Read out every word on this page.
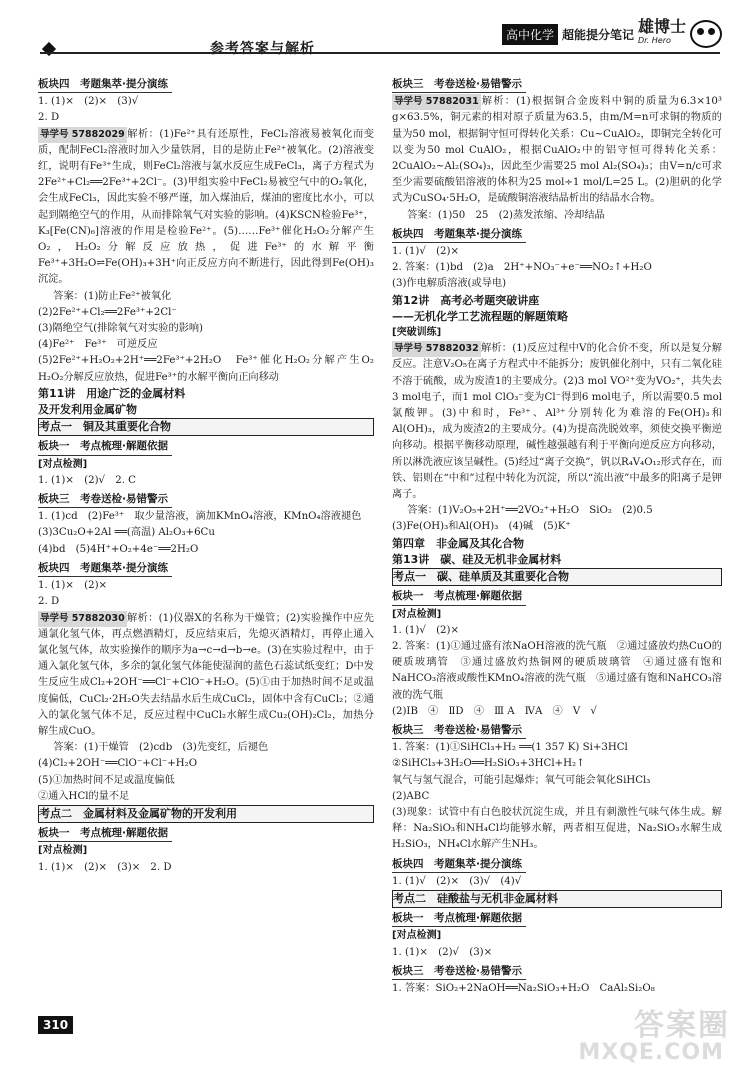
参考答案与解析
高中化学 超能提分笔记 雄博士
Dr. Hero
板块四　考题集萃·提分演练

1. (1)×　(2)×　(3)√

2. D

导学号 57882029 解析：(1)Fe²⁺具有还原性，FeCl₂溶液易被氧化而变质，配制FeCl₂溶液时加入少量铁屑，目的是防止Fe²⁺被氧化。(2)溶液变红，说明有Fe³⁺生成，则FeCl₂溶液与氯水反应生成FeCl₃，离子方程式为2Fe²⁺+Cl₂══2Fe³⁺+2Cl⁻。(3)甲组实验中FeCl₂易被空气中的O₂氧化，会生成FeCl₃，因此实验不够严谨，加入煤油后，煤油的密度比水小，可以起到隔绝空气的作用，从而排除氧气对实验的影响。(4)KSCN检验Fe³⁺，K₃[Fe(CN)₆]溶液的作用是检验Fe²⁺。(5)……Fe³⁺催化H₂O₂分解产生O₂，H₂O₂分解反应放热，促进Fe³⁺的水解平衡Fe³⁺+3H₂O⇌Fe(OH)₃+3H⁺向正反应方向不断进行，因此得到Fe(OH)₃沉淀。

答案：(1)防止Fe²⁺被氧化

(2)2Fe²⁺+Cl₂══2Fe³⁺+2Cl⁻

(3)隔绝空气(排除氧气对实验的影响)

(4)Fe²⁺　Fe³⁺　可逆反应

(5)2Fe²⁺+H₂O₂+2H⁺══2Fe³⁺+2H₂O　Fe³⁺催化H₂O₂分解产生O₂　H₂O₂分解反应放热，促进Fe³⁺的水解平衡向正向移动

第11讲　用途广泛的金属材料

及开发利用金属矿物

考点一　铜及其重要化合物

板块一　考点梳理·解题依据

[对点检测]

1. (1)×　(2)√　2. C

板块三　考卷送检·易错警示

1. (1)cd　(2)Fe³⁺　取少量溶液，滴加KMnO₄溶液，KMnO₄溶液褪色

(3)3Cu₂O+2Al ══(高温) Al₂O₃+6Cu

(4)bd　(5)4H⁺+O₂+4e⁻══2H₂O

板块四　考题集萃·提分演练

1. (1)×　(2)×

2. D

导学号 57882030 解析：(1)仪器X的名称为干燥管；(2)实验操作中应先通氯化氢气体，再点燃酒精灯，反应结束后，先熄灭酒精灯，再停止通入氯化氢气体，故实验操作的顺序为a→c→d→b→e。(3)在实验过程中，由于通入氯化氢气体，多余的氯化氢气体能使湿润的蓝色石蕊试纸变红；D中发生反应生成Cl₂+2OH⁻══Cl⁻+ClO⁻+H₂O。(5)①由于加热时间不足或温度偏低，CuCl₂·2H₂O失去结晶水后生成CuCl₂，固体中含有CuCl₂；②通入的氯化氢气体不足，反应过程中CuCl₂水解生成Cu₂(OH)₂Cl₂，加热分解生成CuO。

答案：(1)干燥管　(2)cdb　(3)先变红，后褪色

(4)Cl₂+2OH⁻══ClO⁻+Cl⁻+H₂O

(5)①加热时间不足或温度偏低

②通入HCl的量不足

考点二　金属材料及金属矿物的开发利用

板块一　考点梳理·解题依据

[对点检测]

1. (1)×　(2)×　(3)×　2. D

板块三　考卷送检·易错警示

导学号 57882031 解析：(1)根据铜合金废料中铜的质量为6.3×10³ g×63.5%，铜元素的相对原子质量为63.5，由m/M=n可求铜的物质的量为50 mol，根据铜守恒可得转化关系：Cu~CuAlO₂，即铜完全转化可以变为50 mol CuAlO₂，根据CuAlO₂中的铝守恒可得转化关系：2CuAlO₂~Al₂(SO₄)₃，因此至少需要25 mol Al₂(SO₄)₃；由V=n/c可求至少需要硫酸铝溶液的体积为25 mol÷1 mol/L=25 L。(2)胆矾的化学式为CuSO₄·5H₂O，是硫酸铜溶液结晶析出的结晶水合物。

答案：(1)50　25　(2)蒸发浓缩、冷却结晶

板块四　考题集萃·提分演练

1. (1)√　(2)×

2. 答案：(1)bd　(2)a　2H⁺+NO₃⁻+e⁻══NO₂↑+H₂O

(3)作电解质溶液(或导电)

第12讲　高考必考题突破讲座

——无机化学工艺流程题的解题策略

[突破训练]

导学号 57882032 解析：(1)反应过程中V的化合价不变，所以是复分解反应。注意V₂O₅在离子方程式中不能拆分；废钒催化剂中，只有二氧化硅不溶于硫酸，成为废渣1的主要成分。(2)3 mol VO²⁺变为VO₂⁺，共失去3 mol电子，而1 mol ClO₃⁻变为Cl⁻得到6 mol电子，所以需要0.5 mol氯酸钾。(3)中和时，Fe³⁺、Al³⁺分别转化为难溶的Fe(OH)₃和Al(OH)₃，成为废渣2的主要成分。(4)为提高洗脱效率，须使交换平衡逆向移动。根据平衡移动原理，碱性越强越有利于平衡向逆反应方向移动，所以淋洗液应该呈碱性。(5)经过“离子交换”，钒以R₄V₄O₁₂形式存在，而铁、铝则在“中和”过程中转化为沉淀，所以“流出液”中最多的阳离子是钾离子。

答案：(1)V₂O₅+2H⁺══2VO₂⁺+H₂O　SiO₂　(2)0.5

(3)Fe(OH)₃和Al(OH)₃　(4)碱　(5)K⁺

第四章　非金属及其化合物

第13讲　碳、硅及无机非金属材料

考点一　碳、硅单质及其重要化合物

板块一　考点梳理·解题依据

[对点检测]

1. (1)√　(2)×

2. 答案：(1)①通过盛有浓NaOH溶液的洗气瓶　②通过盛放灼热CuO的硬质玻璃管　③通过盛放灼热铜网的硬质玻璃管　④通过盛有饱和NaHCO₃溶液或酸性KMnO₄溶液的洗气瓶　⑤通过盛有饱和NaHCO₃溶液的洗气瓶

(2)ⅠB　④　ⅡD　④　Ⅲ A　ⅣA　④　V　√

板块三　考卷送检·易错警示

1. 答案：(1)①SiHCl₃+H₂ ══(1 357 K) Si+3HCl

②SiHCl₃+3H₂O══H₂SiO₃+3HCl+H₂↑

氧气与氢气混合，可能引起爆炸；氧气可能会氧化SiHCl₃

(2)ABC

(3)现象：试管中有白色胶状沉淀生成，并且有刺激性气味气体生成。解释：Na₂SiO₃和NH₄Cl均能够水解，两者相互促进，Na₂SiO₃水解生成H₂SiO₃，NH₄Cl水解产生NH₃。

板块四　考题集萃·提分演练

1. (1)√　(2)×　(3)√　(4)√

考点二　硅酸盐与无机非金属材料

板块一　考点梳理·解题依据

[对点检测]

1. (1)×　(2)√　(3)×

板块三　考卷送检·易错警示

1. 答案：SiO₂+2NaOH══Na₂SiO₃+H₂O　CaAl₂Si₂O₈

310	答案圈
MXQE.COM
